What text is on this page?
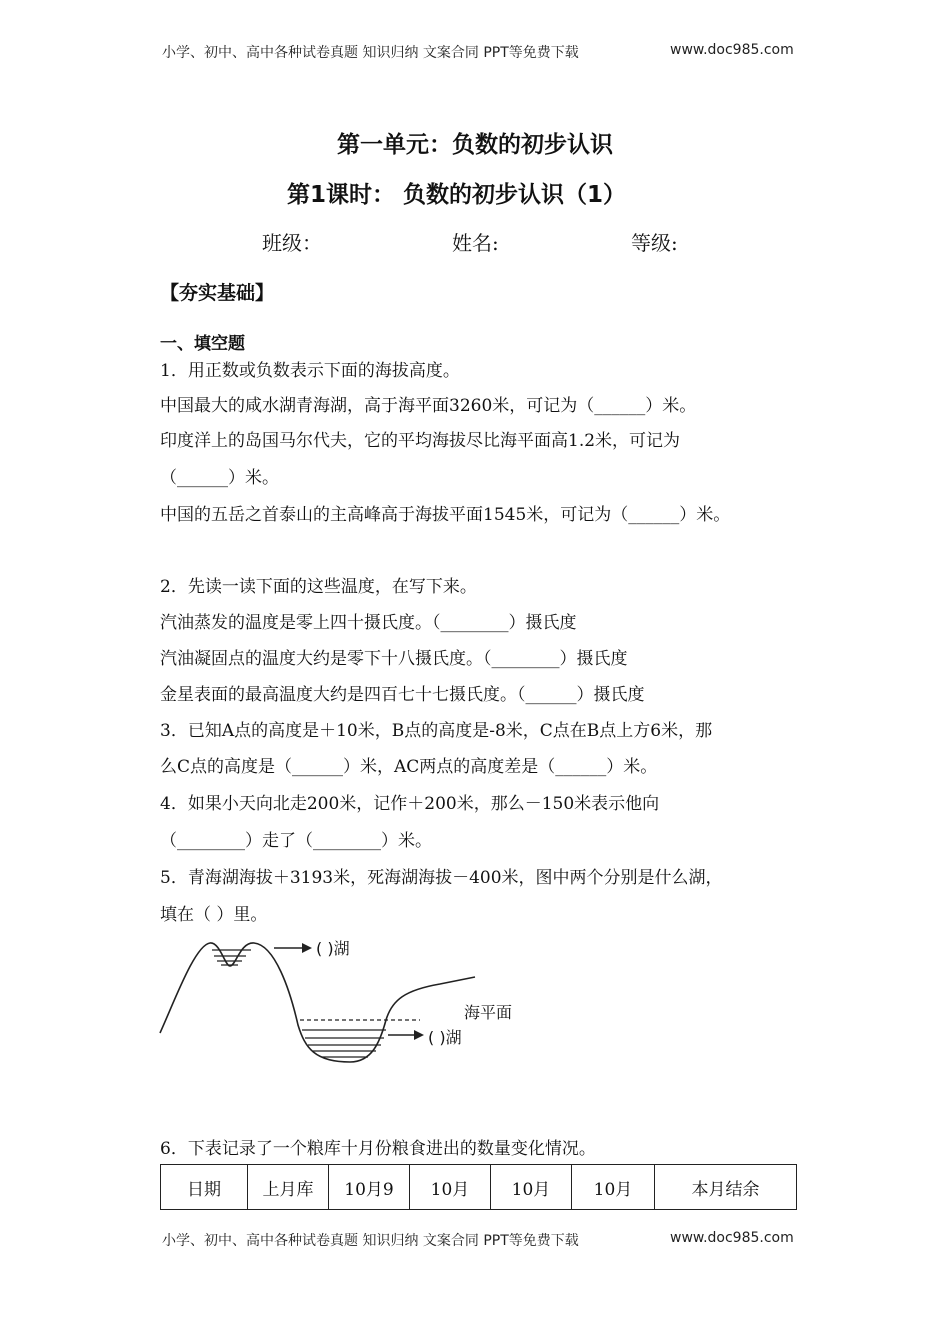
小学、初中、高中各种试卷真题 知识归纳 文案合同 PPT等免费下载	www.doc985.com
第一单元：负数的初步认识
第1课时： 负数的初步认识（1）
班级：	姓名:	等级:
【夯实基础】
一、填空题
1．用正数或负数表示下面的海拔高度。
中国最大的咸水湖青海湖，高于海平面3260米，可记为（______）米。
印度洋上的岛国马尔代夫，它的平均海拔尽比海平面高1.2米，可记为
（______）米。
中国的五岳之首泰山的主高峰高于海拔平面1545米，可记为（______）米。
2．先读一读下面的这些温度，在写下来。
汽油蒸发的温度是零上四十摄氏度。（________）摄氏度
汽油凝固点的温度大约是零下十八摄氏度。（________）摄氏度
金星表面的最高温度大约是四百七十七摄氏度。（______）摄氏度
3．已知A点的高度是＋10米，B点的高度是-8米，C点在B点上方6米，那
么C点的高度是（______）米，AC两点的高度差是（______）米。
4．如果小天向北走200米，记作＋200米，那么－150米表示他向
（________）走了（________）米。
5．青海湖海拔＋3193米，死海湖海拔－400米，图中两个分别是什么湖，
填在（ ）里。
( )湖
海平面
( )湖
6．下表记录了一个粮库十月份粮食进出的数量变化情况。
日期	上月库	10月9	10月	10月	10月	本月结余
小学、初中、高中各种试卷真题 知识归纳 文案合同 PPT等免费下载	www.doc985.com
